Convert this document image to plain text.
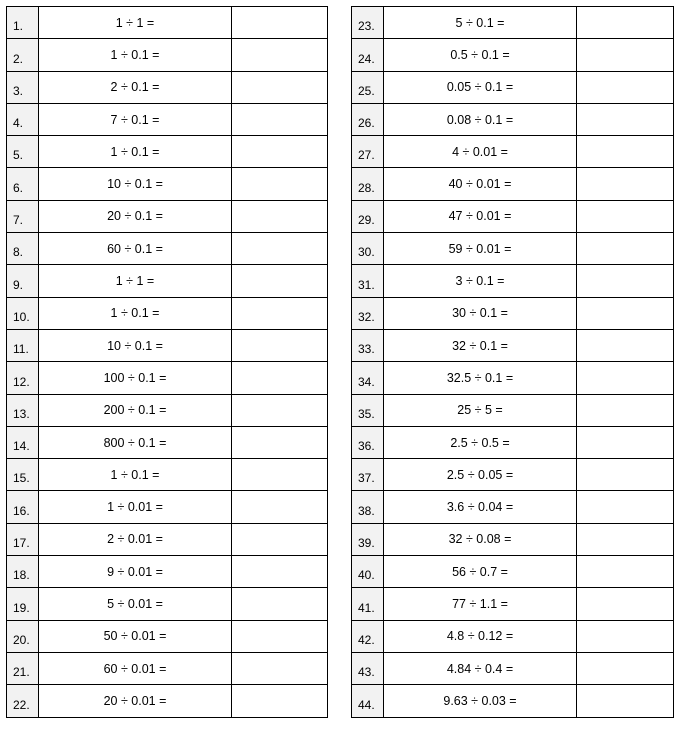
1.	1 ÷ 1 =	
2.	1 ÷ 0.1 =	
3.	2 ÷ 0.1 =	
4.	7 ÷ 0.1 =	
5.	1 ÷ 0.1 =	
6.	10 ÷ 0.1 =	
7.	20 ÷ 0.1 =	
8.	60 ÷ 0.1 =	
9.	1 ÷ 1 =	
10.	1 ÷ 0.1 =	
11.	10 ÷ 0.1 =	
12.	100 ÷ 0.1 =	
13.	200 ÷ 0.1 =	
14.	800 ÷ 0.1 =	
15.	1 ÷ 0.1 =	
16.	1 ÷ 0.01 =	
17.	2 ÷ 0.01 =	
18.	9 ÷ 0.01 =	
19.	5 ÷ 0.01 =	
20.	50 ÷ 0.01 =	
21.	60 ÷ 0.01 =	
22.	20 ÷ 0.01 =	
23.	5 ÷ 0.1 =	
24.	0.5 ÷ 0.1 =	
25.	0.05 ÷ 0.1 =	
26.	0.08 ÷ 0.1 =	
27.	4 ÷ 0.01 =	
28.	40 ÷ 0.01 =	
29.	47 ÷ 0.01 =	
30.	59 ÷ 0.01 =	
31.	3 ÷ 0.1 =	
32.	30 ÷ 0.1 =	
33.	32 ÷ 0.1 =	
34.	32.5 ÷ 0.1 =	
35.	25 ÷ 5 =	
36.	2.5 ÷ 0.5 =	
37.	2.5 ÷ 0.05 =	
38.	3.6 ÷ 0.04 =	
39.	32 ÷ 0.08 =	
40.	56 ÷ 0.7 =	
41.	77 ÷ 1.1 =	
42.	4.8 ÷ 0.12 =	
43.	4.84 ÷ 0.4 =	
44.	9.63 ÷ 0.03 =	
